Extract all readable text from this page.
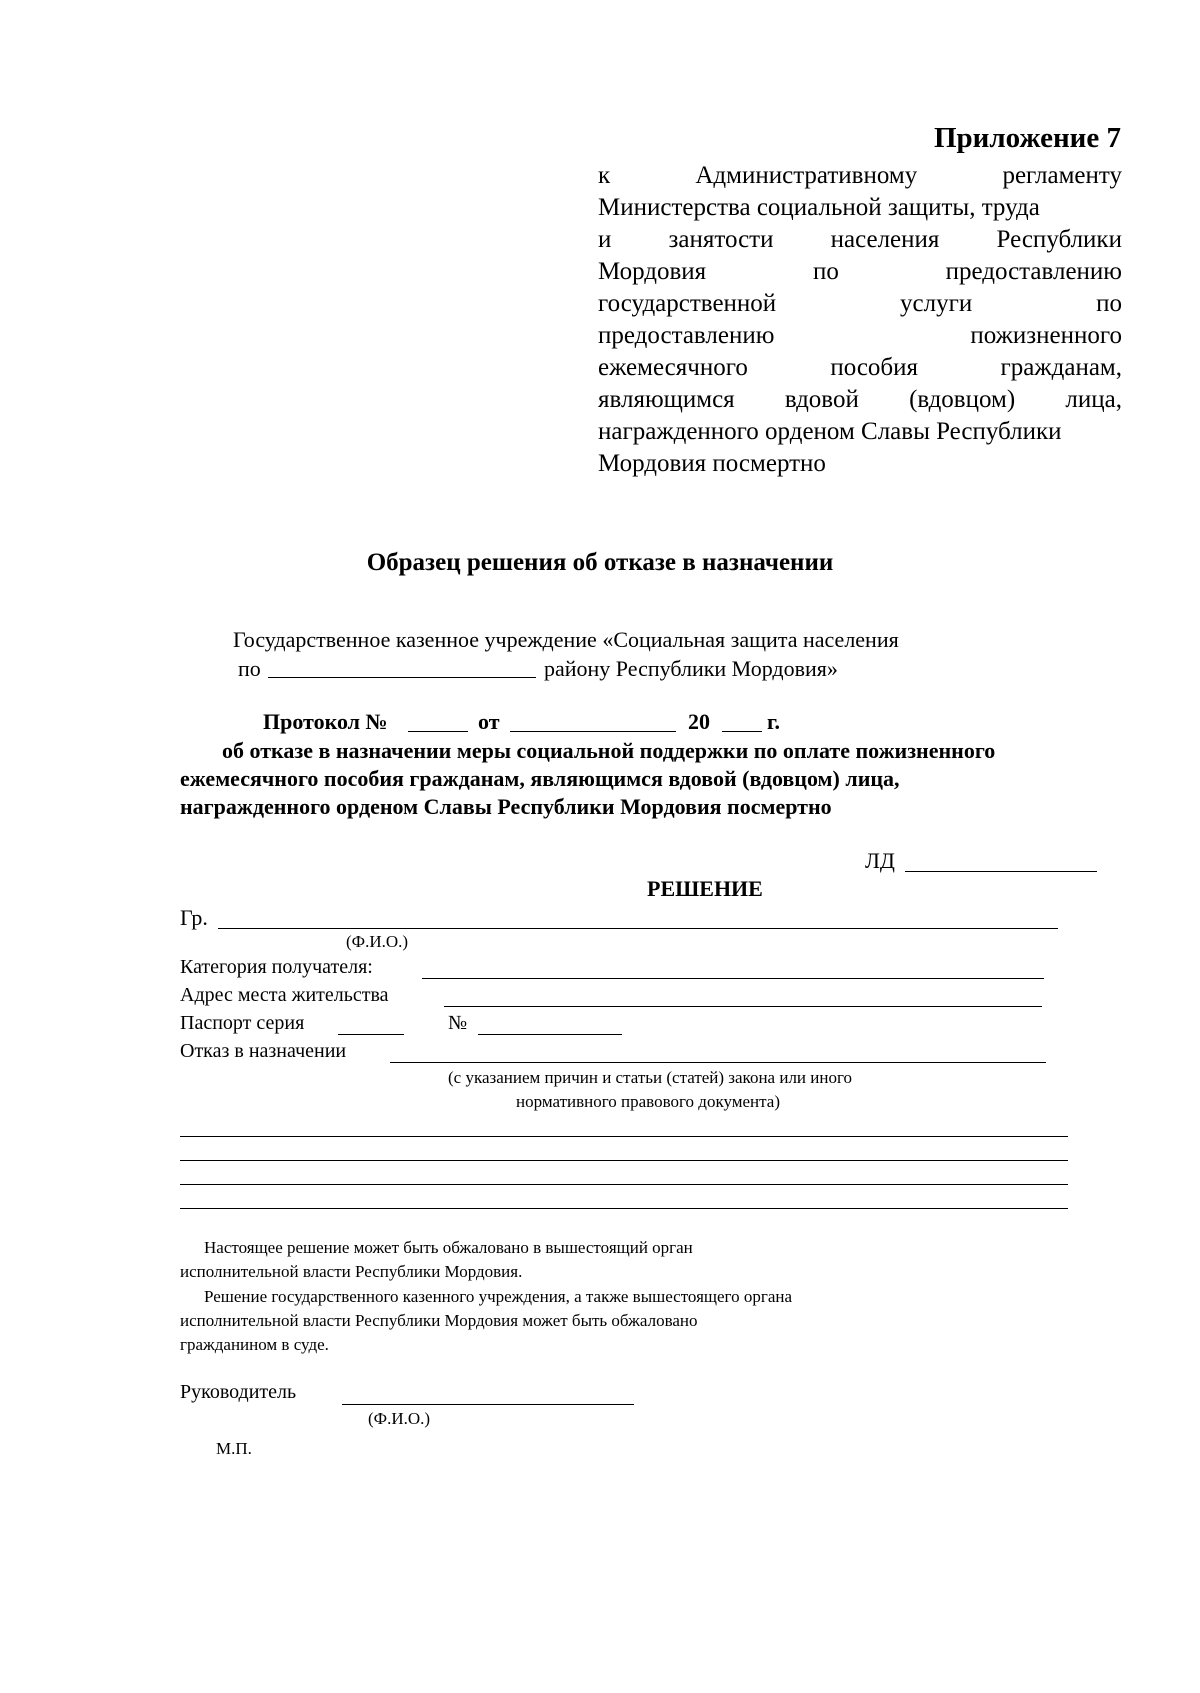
Приложение 7
к	Административному	регламенту
Министерства социальной защиты, труда
и занятости населения Республики
Мордовия	по	предоставлению
государственной	услуги	по
предоставлению	пожизненного
ежемесячного	пособия	гражданам,
являющимся вдовой (вдовцом) лица,
награжденного орденом Славы Республики
Мордовия посмертно
Образец решения об отказе в назначении
Государственное казенное учреждение «Социальная защита населения
по	району Республики Мордовия»
Протокол №	от	20	г.
об отказе в назначении меры социальной поддержки по оплате пожизненного
ежемесячного пособия гражданам, являющимся вдовой (вдовцом) лица,
награжденного орденом Славы Республики Мордовия посмертно
ЛД
РЕШЕНИЕ
Гр.
(Ф.И.О.)
Категория получателя:
Адрес места жительства
Паспорт серия	№
Отказ в назначении
(с указанием причин и статьи (статей) закона или иного
нормативного правового документа)
Настоящее решение может быть обжаловано в вышестоящий орган
исполнительной власти Республики Мордовия.
Решение государственного казенного учреждения, а также вышестоящего органа
исполнительной власти Республики Мордовия может быть обжаловано
гражданином в суде.
Руководитель
(Ф.И.О.)
М.П.
